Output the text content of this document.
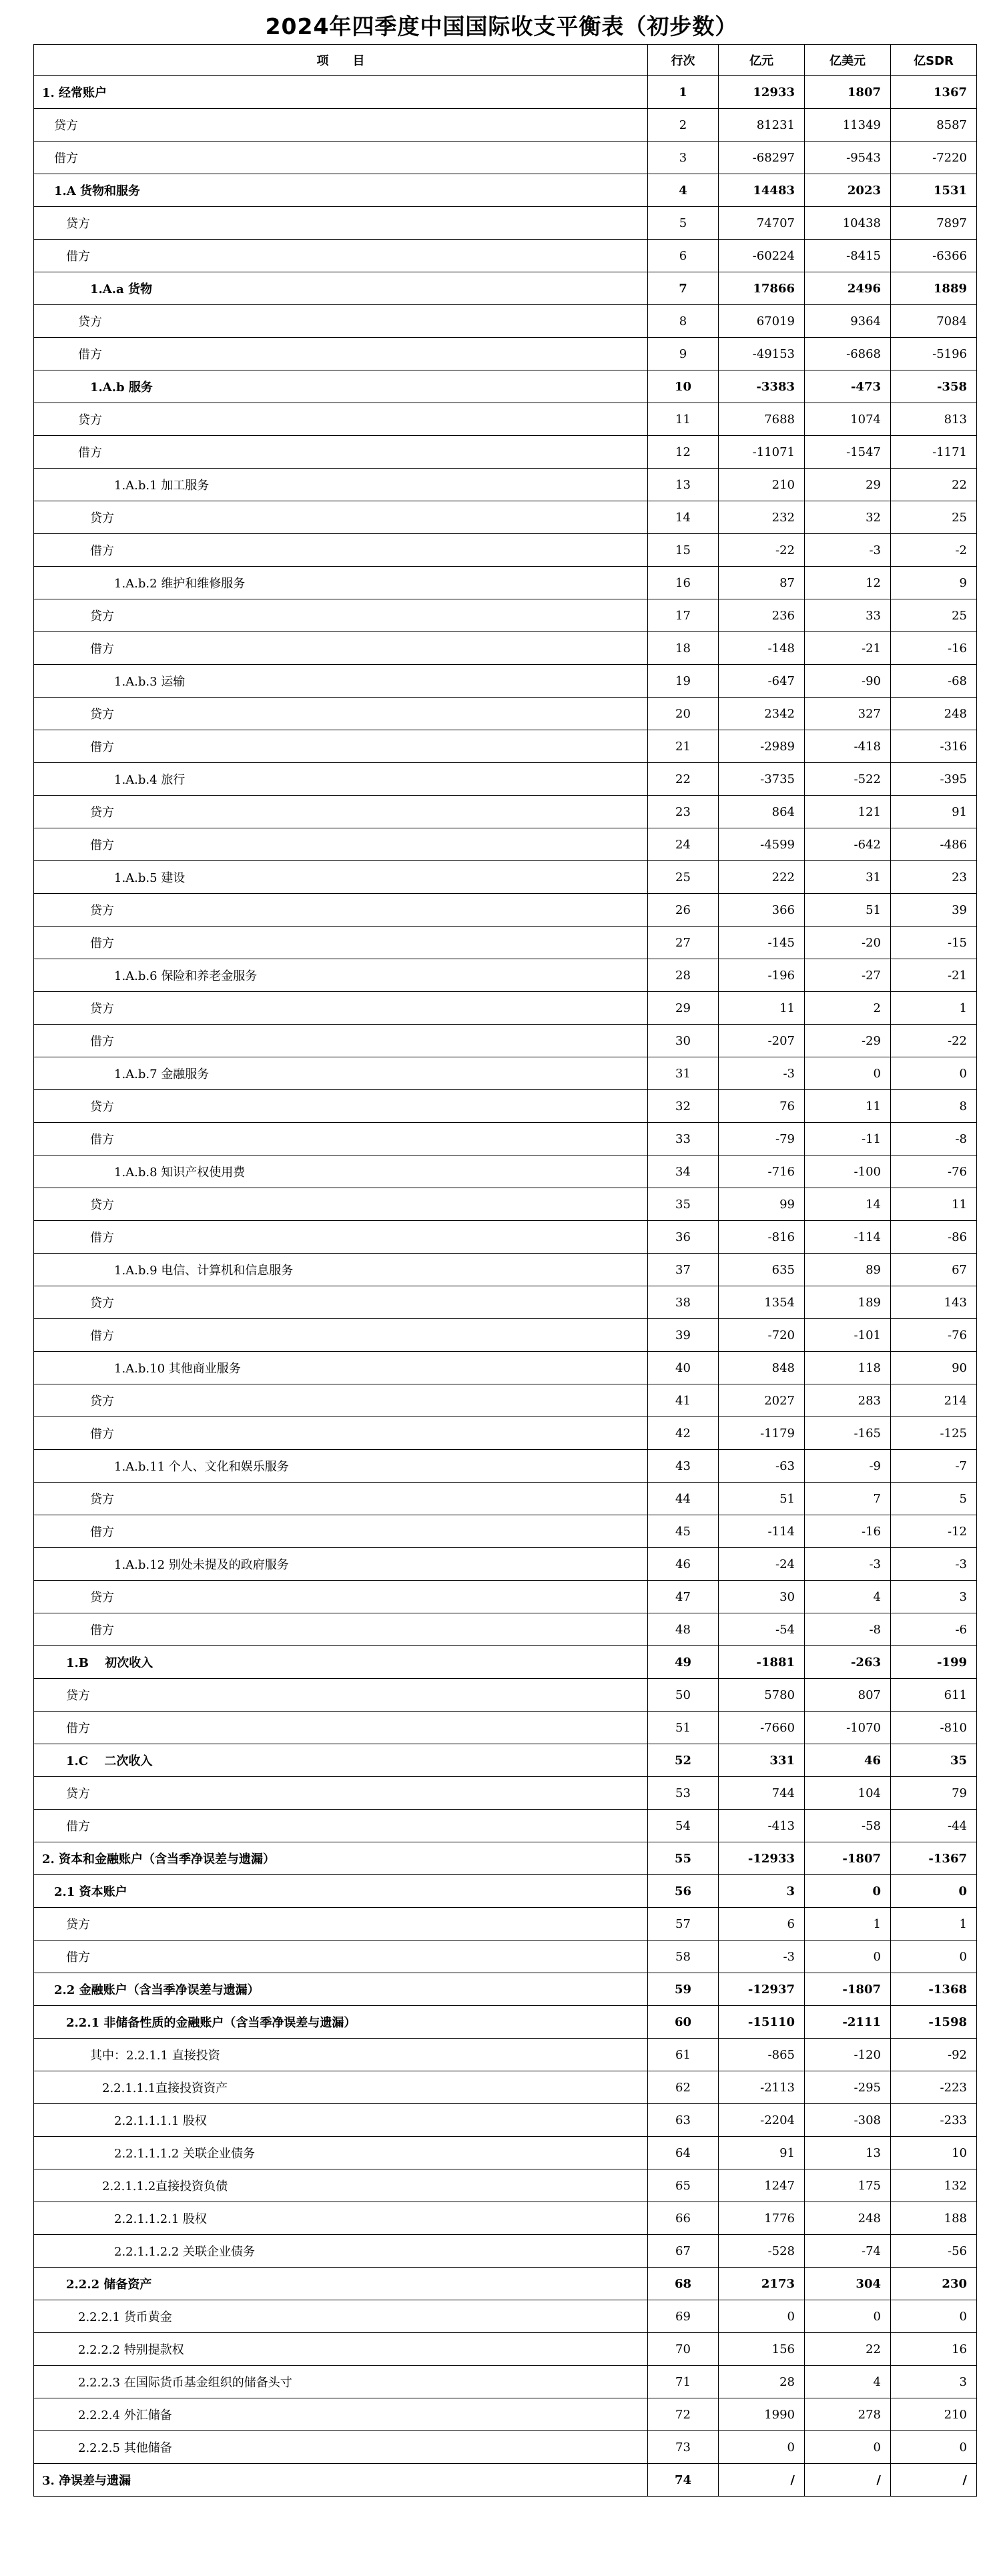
2024年四季度中国国际收支平衡表（初步数）
项　　目	行次	亿元	亿美元	亿SDR
1. 经常账户	1	12933	1807	1367
贷方	2	81231	11349	8587
借方	3	-68297	-9543	-7220
1.A 货物和服务	4	14483	2023	1531
贷方	5	74707	10438	7897
借方	6	-60224	-8415	-6366
1.A.a 货物	7	17866	2496	1889
贷方	8	67019	9364	7084
借方	9	-49153	-6868	-5196
1.A.b 服务	10	-3383	-473	-358
贷方	11	7688	1074	813
借方	12	-11071	-1547	-1171
1.A.b.1 加工服务	13	210	29	22
贷方	14	232	32	25
借方	15	-22	-3	-2
1.A.b.2 维护和维修服务	16	87	12	9
贷方	17	236	33	25
借方	18	-148	-21	-16
1.A.b.3 运输	19	-647	-90	-68
贷方	20	2342	327	248
借方	21	-2989	-418	-316
1.A.b.4 旅行	22	-3735	-522	-395
贷方	23	864	121	91
借方	24	-4599	-642	-486
1.A.b.5 建设	25	222	31	23
贷方	26	366	51	39
借方	27	-145	-20	-15
1.A.b.6 保险和养老金服务	28	-196	-27	-21
贷方	29	11	2	1
借方	30	-207	-29	-22
1.A.b.7 金融服务	31	-3	0	0
贷方	32	76	11	8
借方	33	-79	-11	-8
1.A.b.8 知识产权使用费	34	-716	-100	-76
贷方	35	99	14	11
借方	36	-816	-114	-86
1.A.b.9 电信、计算机和信息服务	37	635	89	67
贷方	38	1354	189	143
借方	39	-720	-101	-76
1.A.b.10 其他商业服务	40	848	118	90
贷方	41	2027	283	214
借方	42	-1179	-165	-125
1.A.b.11 个人、文化和娱乐服务	43	-63	-9	-7
贷方	44	51	7	5
借方	45	-114	-16	-12
1.A.b.12 别处未提及的政府服务	46	-24	-3	-3
贷方	47	30	4	3
借方	48	-54	-8	-6
1.B　 初次收入	49	-1881	-263	-199
贷方	50	5780	807	611
借方	51	-7660	-1070	-810
1.C　 二次收入	52	331	46	35
贷方	53	744	104	79
借方	54	-413	-58	-44
2. 资本和金融账户（含当季净误差与遗漏）	55	-12933	-1807	-1367
2.1 资本账户	56	3	0	0
贷方	57	6	1	1
借方	58	-3	0	0
2.2 金融账户（含当季净误差与遗漏）	59	-12937	-1807	-1368
2.2.1 非储备性质的金融账户（含当季净误差与遗漏）	60	-15110	-2111	-1598
其中：2.2.1.1 直接投资	61	-865	-120	-92
2.2.1.1.1直接投资资产	62	-2113	-295	-223
2.2.1.1.1.1 股权	63	-2204	-308	-233
2.2.1.1.1.2 关联企业债务	64	91	13	10
2.2.1.1.2直接投资负债	65	1247	175	132
2.2.1.1.2.1 股权	66	1776	248	188
2.2.1.1.2.2 关联企业债务	67	-528	-74	-56
2.2.2 储备资产	68	2173	304	230
2.2.2.1 货币黄金	69	0	0	0
2.2.2.2 特别提款权	70	156	22	16
2.2.2.3 在国际货币基金组织的储备头寸	71	28	4	3
2.2.2.4 外汇储备	72	1990	278	210
2.2.2.5 其他储备	73	0	0	0
3. 净误差与遗漏	74	/	/	/
